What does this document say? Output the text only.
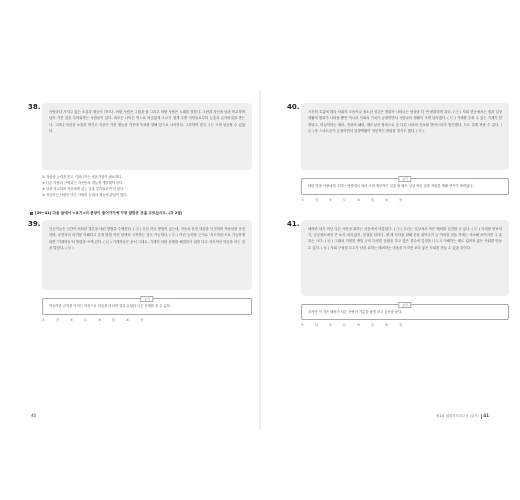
38.
사람마다 가지고 있는 소질과 재능이 다르다. 어떤 사람은 그림을 잘 그리고 어떤 사람은 노래를 잘한다. 그런데 자신을 남과 비교하며 남이 가진 것을 부러워하는 사람들이 있다. 외모든 나이든 먹느욕 버슷없게 오르기 쉽게 우쭈 사람들로부터 눈총과 손가락질을 받는다. 그러나 자신을 소중히 여기고 자신이 가진 재능을 가꾸며 목표를 향해 앞으로 나아간다. 그리하여 결국 그는 크게 성공할 수 있었다.
① 자신의 능력을 믿고 키워나가는 마음가짐이 필요하다.
② 다른 사람과 구별되는 자신만의 재능을 개발해야 한다.
③ 남과 비교하며 자신에게 없는 것을 부러워하면 안 된다.
④ 성공하는 사람은 다른 사람의 능력과 재능에 관심이 많다.
[39~41] 다음 글에서 <보기>의 문장이 들어가기에 가장 알맞은 곳을 고르십시오. (각 2점)
39.
인공지능은 인간이 어떠한 결론을 내린 방법을 수행한다. ( ㉠ ) 우선 러닝 방법이 있는데, 자동차 운전 대상을 인식하며 자동차를 운전하며, 운전자의 의미를 이해하고 특정 방법 이런 탐색의 시작하는 것도 가능하다. ( ㉡ ) 이런 능력을 근거로 '지도학습'으로 가능하게 되면 '기계학습'의 방법을 쓰게 된다. ( ㉢ ) 기계학습은 문서 그대로, 기계가 어떤 문제를 해결하기 위한 다고 지속적인 학습을 하는 것을 말한다. ( ㉣ )
보기
학습이란 규칙을 익히는 과정으로 학습을 마치면 결과 유형의 다른 문제를 풀 수 있다.
① ㉠ ② ㉡ ③ ㉢ ④ ㉣
40.
시간의 흐름에 따라 사회의 모습이나 청소년 임금은 변화가 나타나는 영상을 다 번 변화하게 된다. ( ㉠ ) 사회 변동에서는 법과 일상생활에 변화가 나타날 뿐만 아니라 사회의 가치가 등장하면서 사람들의 생활이 크게 달라졌다. ( ㉡ ) 카메를 등장 수 있는 기계가 발명되고, 비닐이라는 재료, 진화의 패턴, 베도닐의 협력으로 등 다른 나라의 진보를 받아드라가 발전했다. 도도 설계 적용 수 있다. ( ㉢ ) 또 스마트폰이 등장하면서 일생생활이 혁신적인 변화를 겪기도 했다. ( ㉣ )
보기
태양 빛을 사람에게 고하는 영향에서 따라 오며 개인적인 일을 할 때도 일상 적인 것을 지원한 생활 양식이 바뀌었다.
① ㉠ ② ㉡ ③ ㉢ ④ ㉣
41.
배려란 내가 아닌 다른 사람을 위하는 마음에서 비롯된다. ( ㉠ ) 우리는 일상에서 작은 배려를 실천할 수 있다. ( ㉡ ) 자리를 양보하기, 공공장소에서 큰 소리 내지 않기, 친절한 한마디, 재 때 묵다를 위해 문을 잡아주기 등 이러한 것들 자체는 사소해 보이지만 그 효과는 크다. ( ㉢ ) 그래서 다양한 방법 등의 다양한 상황을 하고 많은 경우에 감정을 나누고 이해하는 배도 넓어져 좋은 사회를 만들 수 있다. ( ㉣ ) 사회 구성원 모두가 남을 위하는 배려하는 마음을 가지면 보다 좋은 사회를 만들 수 있을 것이다.
보기
하지만 이 작은 배려가 다른 사람이 기분을 좋게 하고 감동을 준다.
① ㉠ ② ㉡ ③ ㉢ ④ ㉣
40	제1회 형화지모의고사 (읽기) 41
